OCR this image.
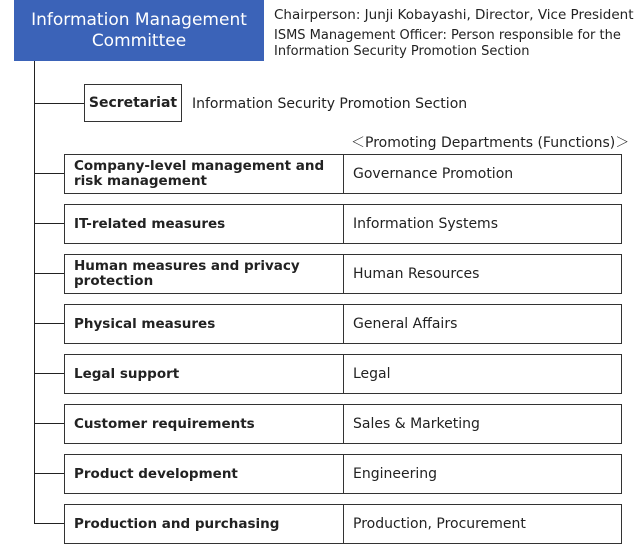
Information Management
Committee
Chairperson: Junji Kobayashi, Director, Vice President
ISMS Management Officer: Person responsible for the Information Security Promotion Section
Secretariat	Information Security Promotion Section
＜Promoting Departments (Functions)＞
Company-level management and risk management	Governance Promotion
IT-related measures	Information Systems
Human measures and privacy protection	Human Resources
Physical measures	General Affairs
Legal support	Legal
Customer requirements	Sales & Marketing
Product development	Engineering
Production and purchasing	Production, Procurement
